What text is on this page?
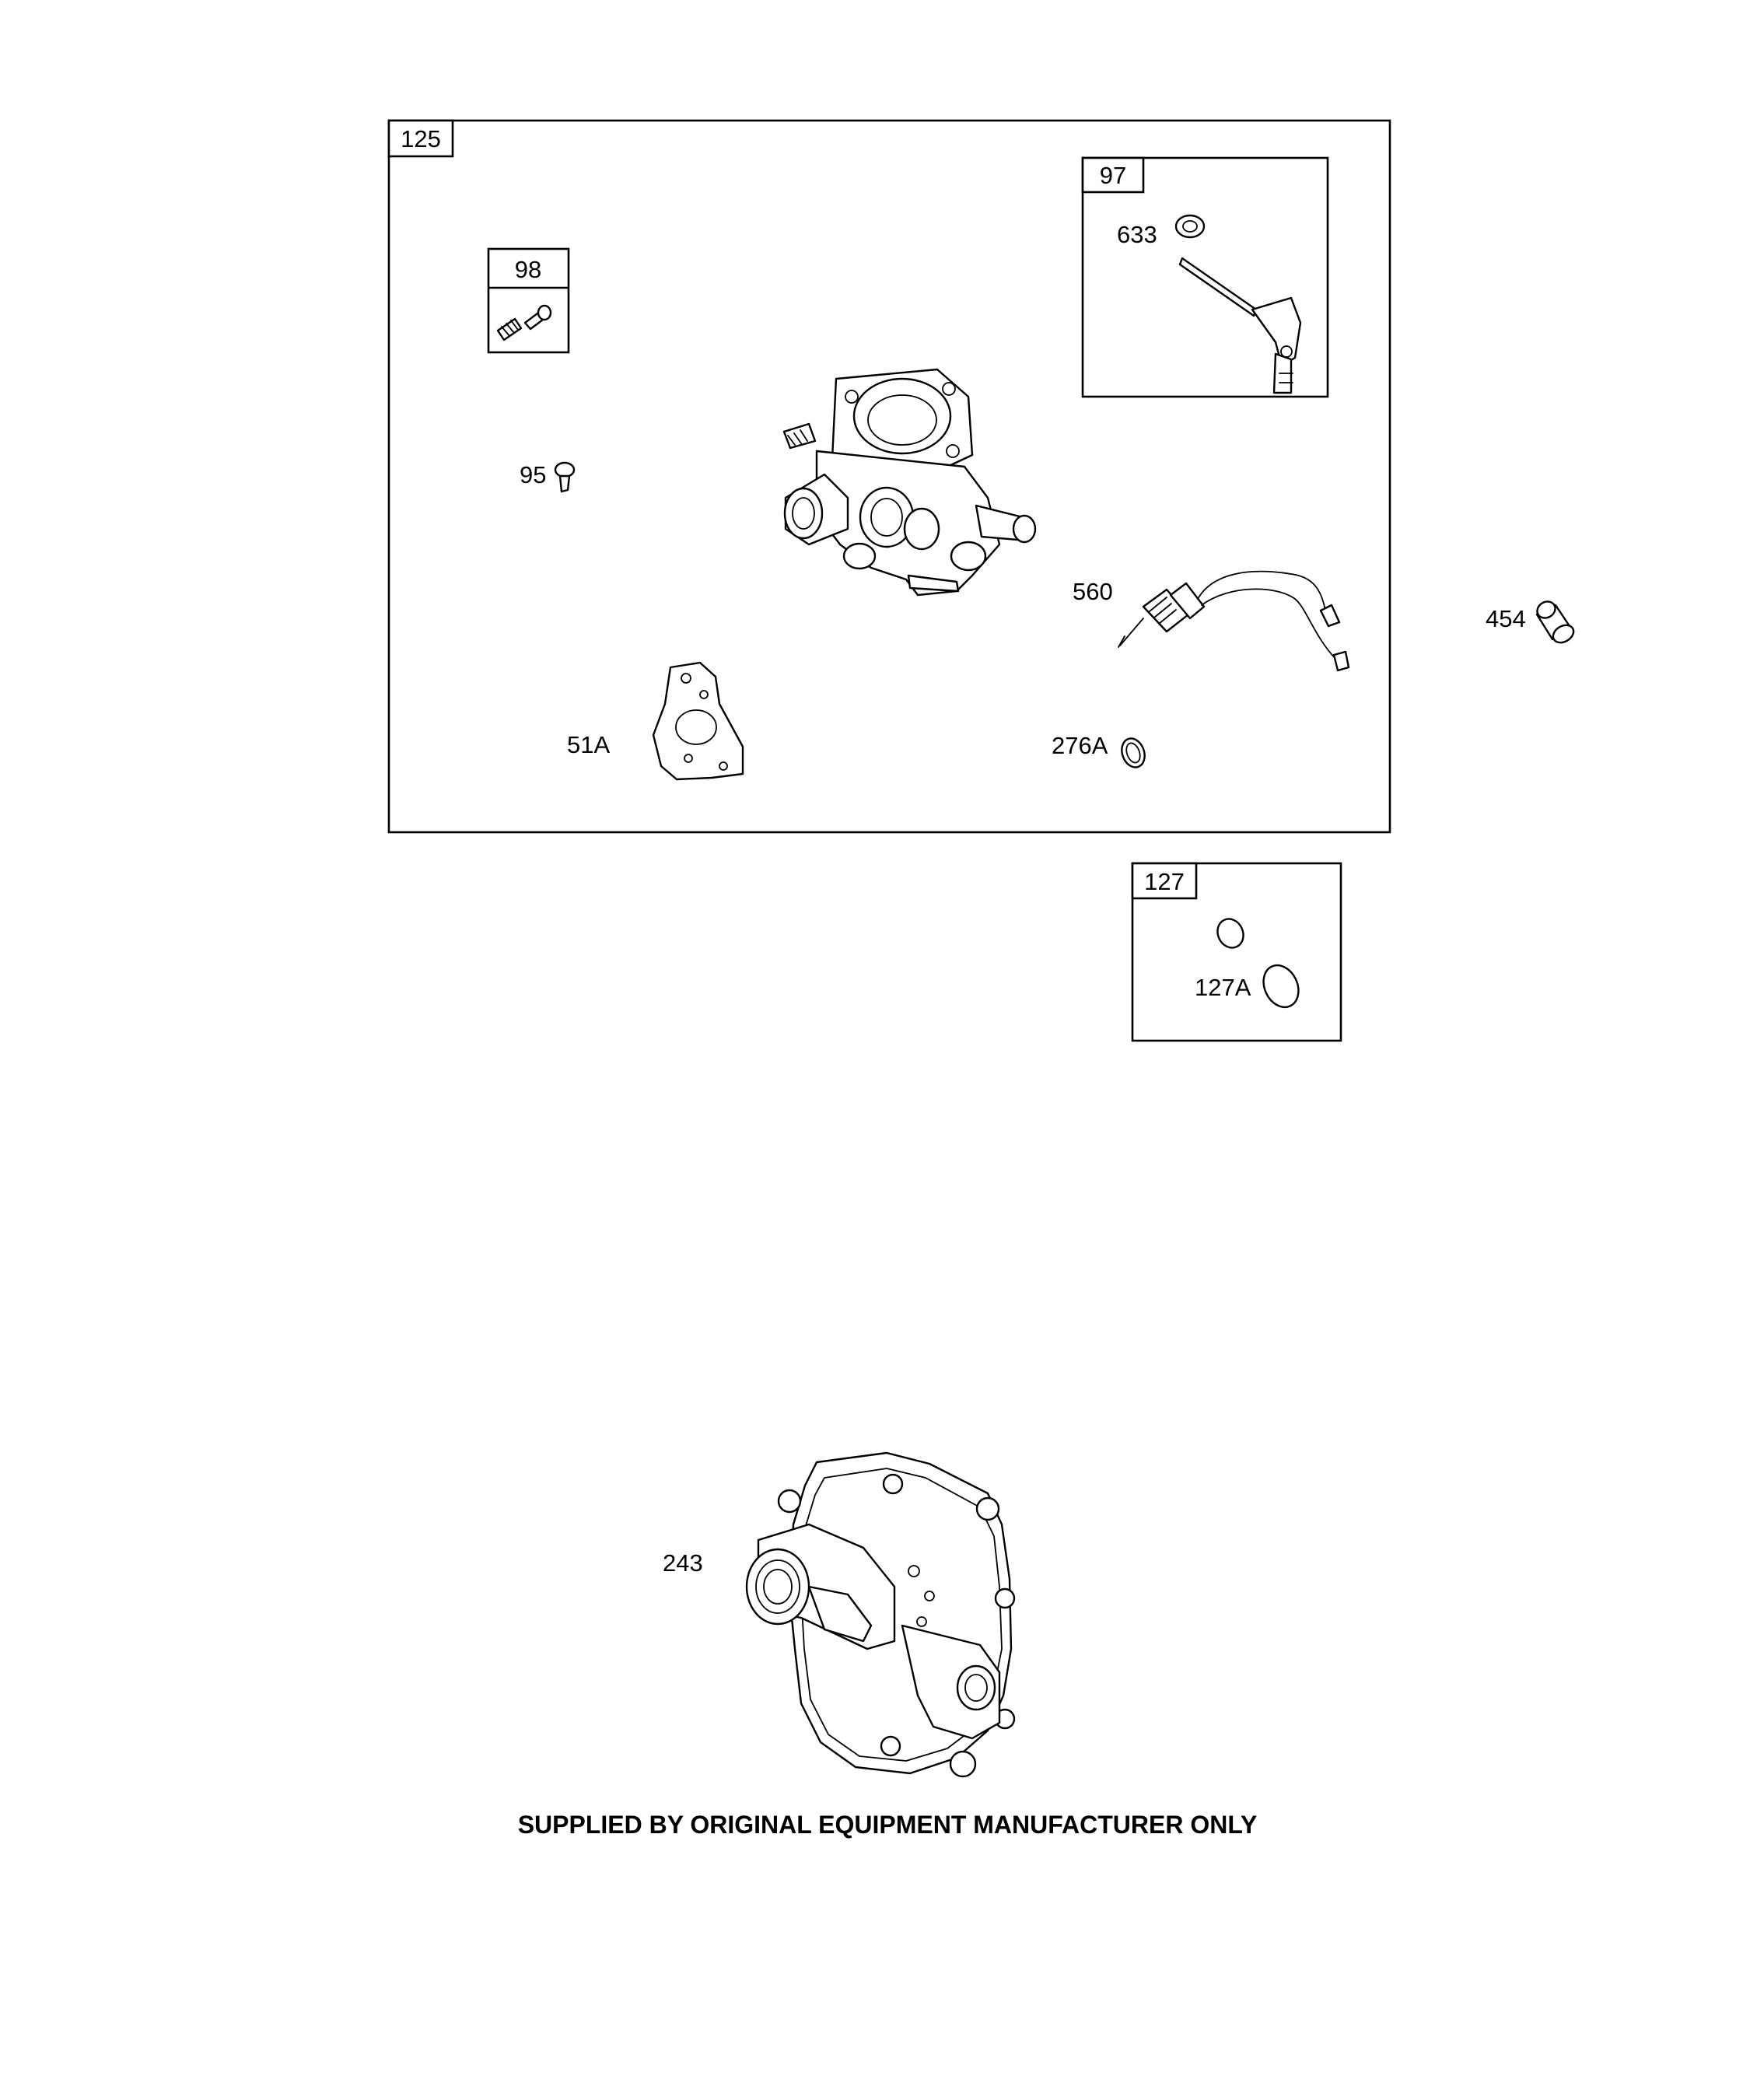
125
97
633
98
95
560
454
51A	276A
127
127A
243
SUPPLIED BY ORIGINAL EQUIPMENT MANUFACTURER ONLY
